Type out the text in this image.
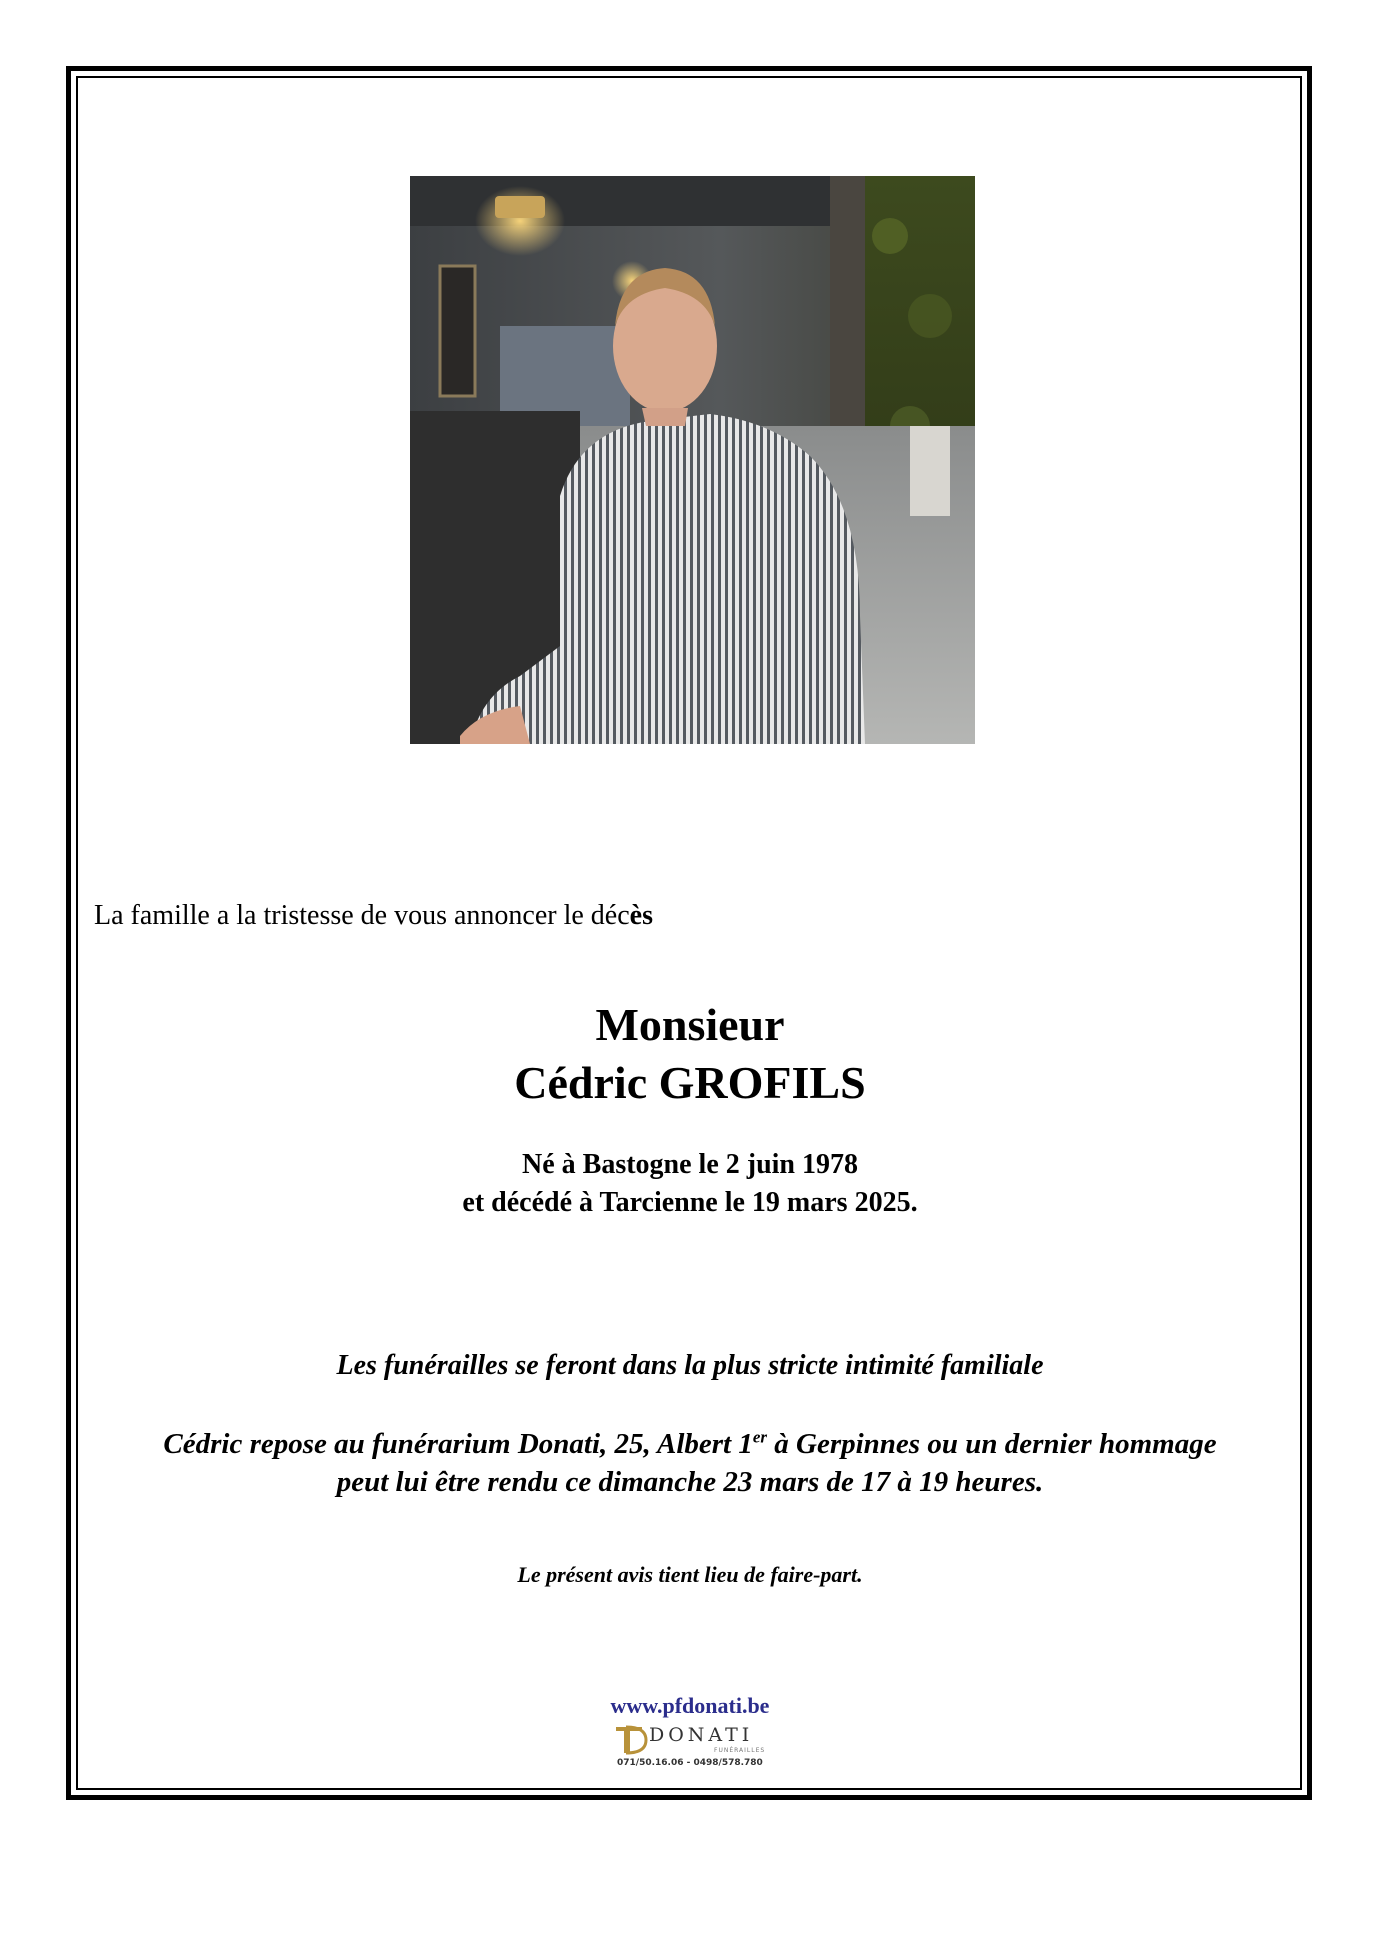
La famille a la tristesse de vous annoncer le décès
Monsieur
Cédric GROFILS
Né à Bastogne le 2 juin 1978
et décédé à Tarcienne le 19 mars 2025.
Les funérailles se feront dans la plus stricte intimité familiale
Cédric repose au funérarium Donati, 25, Albert 1er à Gerpinnes ou un dernier hommage
peut lui être rendu ce dimanche 23 mars de 17 à 19 heures.
Le présent avis tient lieu de faire-part.
www.pfdonati.be
DONATI
FUNÉRAILLES
071/50.16.06 - 0498/578.780
